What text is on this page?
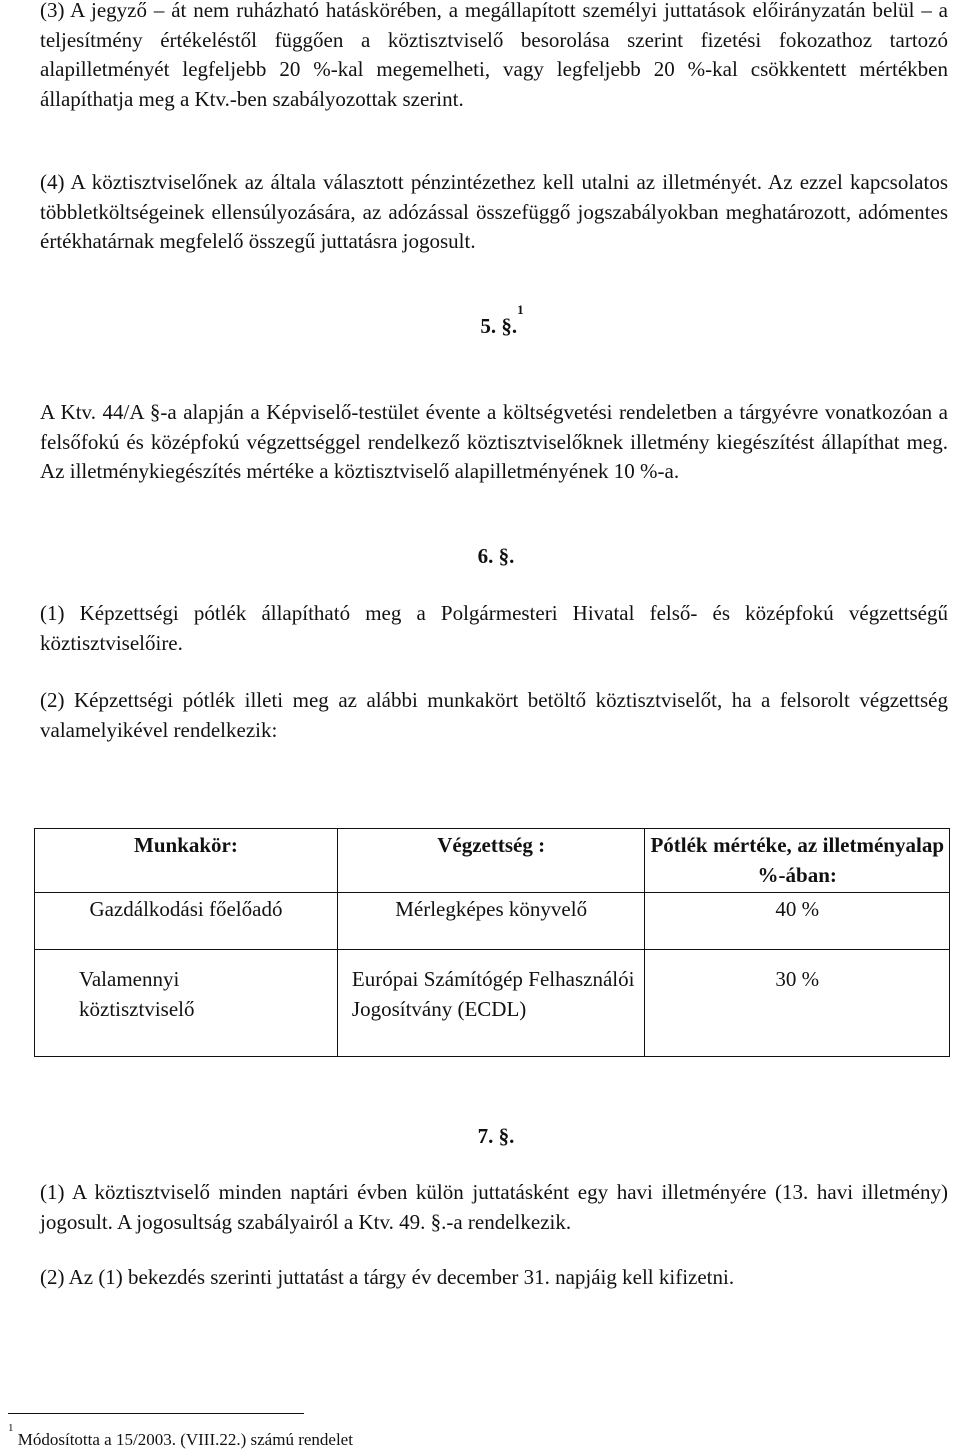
(3) A jegyző – át nem ruházható hatáskörében, a megállapított személyi juttatások előirányzatán belül – a teljesítmény értékeléstől függően a köztisztviselő besorolása szerint fizetési fokozathoz tartozó alapilletményét legfeljebb 20 %-kal megemelheti, vagy legfeljebb 20 %-kal csökkentett mértékben állapíthatja meg a Ktv.-ben szabályozottak szerint.

(4) A köztisztviselőnek az általa választott pénzintézethez kell utalni az illetményét. Az ezzel kapcsolatos többletköltségeinek ellensúlyozására, az adózással összefüggő jogszabályokban meghatározott, adómentes értékhatárnak megfelelő összegű juttatásra jogosult.

5. §.$^1$

A Ktv. 44/A §-a alapján a Képviselő-testület évente a költségvetési rendeletben a tárgyévre vonatkozóan a felsőfokú és középfokú végzettséggel rendelkező köztisztviselőknek illetmény kiegészítést állapíthat meg. Az illetménykiegészítés mértéke a köztisztviselő alapilletményének 10 %-a.

6. §.

(1) Képzettségi pótlék állapítható meg a Polgármesteri Hivatal felső- és középfokú végzettségű köztisztviselőire.

(2) Képzettségi pótlék illeti meg az alábbi munkakört betöltő köztisztviselőt, ha a felsorolt végzettség valamelyikével rendelkezik:

Munkakör:	Végzettség :	Pótlék mértéke, az illetményalap %-ában:
Gazdálkodási főelőadó	Mérlegképes könyvelő	40 %
Valamennyi köztisztviselő	Európai Számítógép Felhasználói Jogosítvány (ECDL)	30 %

7. §.

(1) A köztisztviselő minden naptári évben külön juttatásként egy havi illetményére (13. havi illetmény) jogosult. A jogosultság szabályairól a Ktv. 49. §.-a rendelkezik.

(2) Az (1) bekezdés szerinti juttatást a tárgy év december 31. napjáig kell kifizetni.

$^1$ Módosította a 15/2003. (VIII.22.) számú rendelet
